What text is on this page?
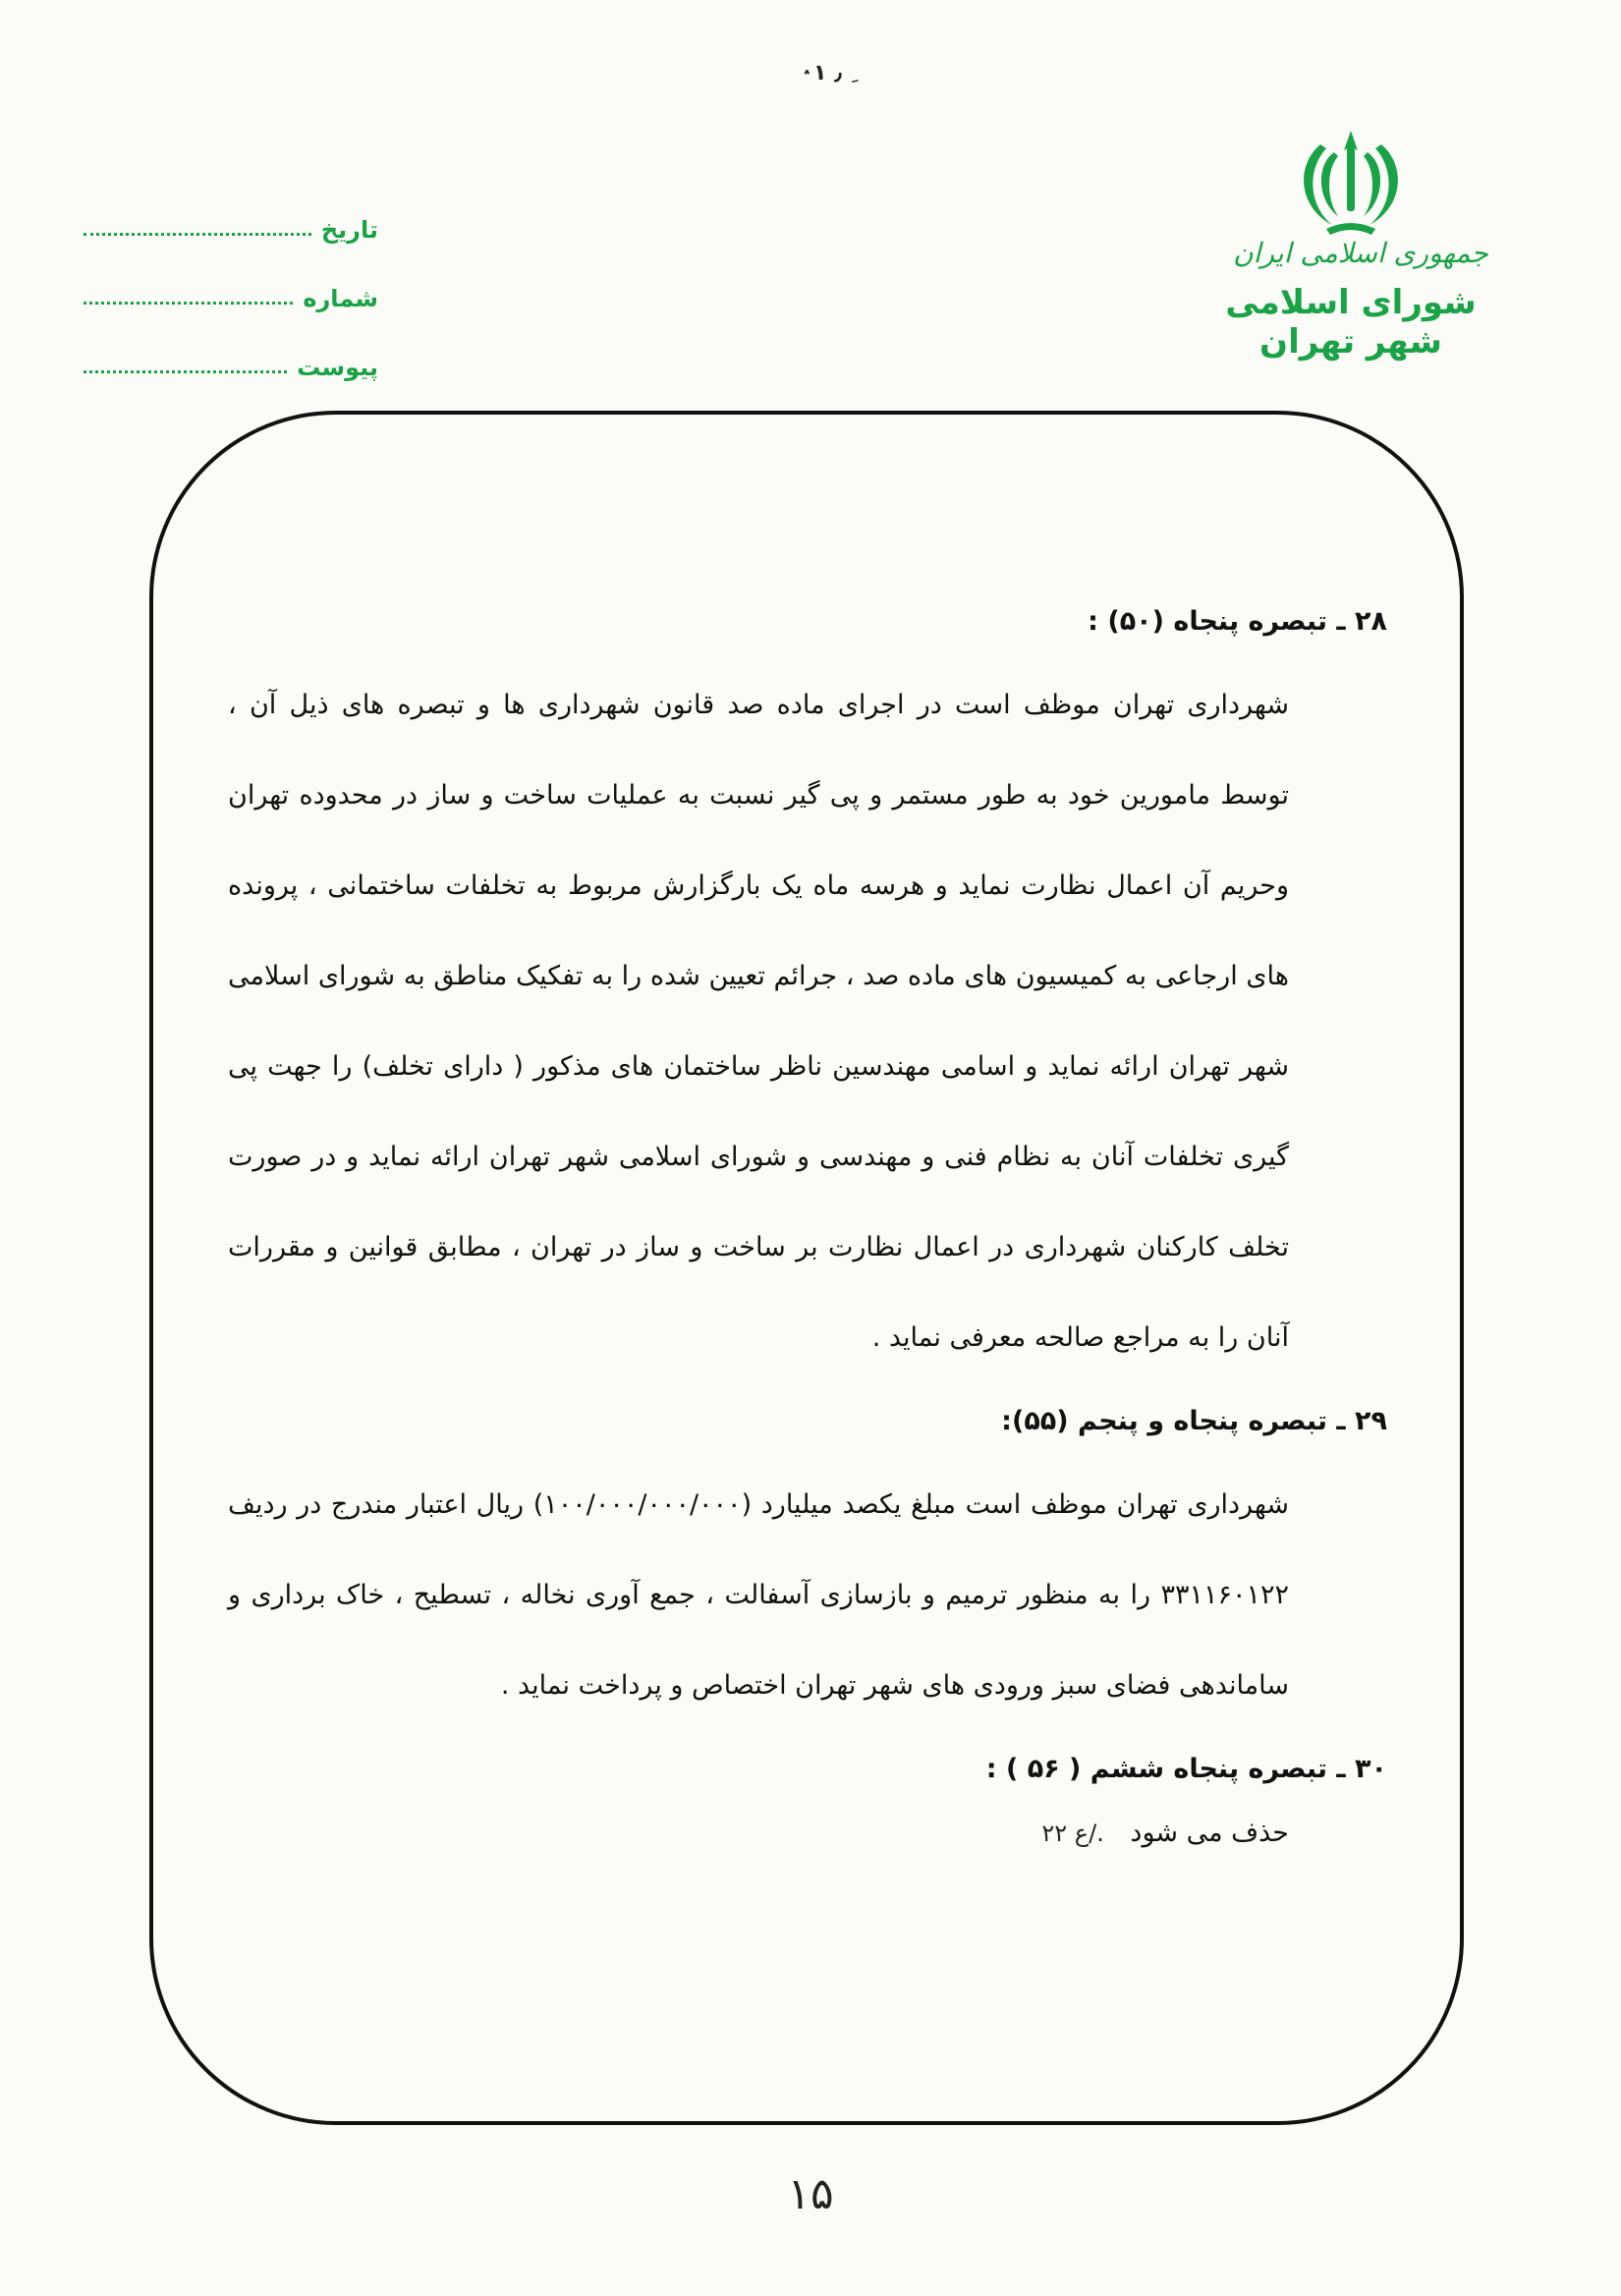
ِ ٫ ١ ٛ
جمهوری اسلامی ایران
شورای اسلامی شهر تهران
تاریخ
شماره
پیوست
۲۸ ـ تبصره پنجاه (۵۰) :

شهرداری تهران موظف است در اجرای ماده صد قانون شهرداری ها و تبصره های ذیل آن ، توسط مامورین خود به طور مستمر و پی گیر نسبت به عملیات ساخت و ساز در محدوده تهران وحریم آن اعمال نظارت نماید و هرسه ماه یک بارگزارش مربوط به تخلفات ساختمانی ، پرونده های ارجاعی به کمیسیون های ماده صد ، جرائم تعیین شده را به تفکیک مناطق به شورای اسلامی شهر تهران ارائه نماید و اسامی مهندسین ناظر ساختمان های مذکور ( دارای تخلف) را جهت پی گیری تخلفات آنان به نظام فنی و مهندسی و شورای اسلامی شهر تهران ارائه نماید و در صورت تخلف کارکنان شهرداری در اعمال نظارت بر ساخت و ساز در تهران ، مطابق قوانین و مقررات آنان را به مراجع صالحه معرفی نماید .

۲۹ ـ تبصره پنجاه و پنجم (۵۵):

شهرداری تهران موظف است مبلغ یکصد میلیارد (۱۰۰/۰۰۰/۰۰۰/۰۰۰) ریال اعتبار مندرج در ردیف ۳۳۱۱۶۰۱۲۲ را به منظور ترمیم و بازسازی آسفالت ، جمع آوری نخاله ، تسطیح ، خاک برداری و ساماندهی فضای سبز ورودی های شهر تهران اختصاص و پرداخت نماید .

۳۰ ـ تبصره پنجاه ششم ( ۵۶ ) :
حذف می شود ./ع ۲۲
۱۵
